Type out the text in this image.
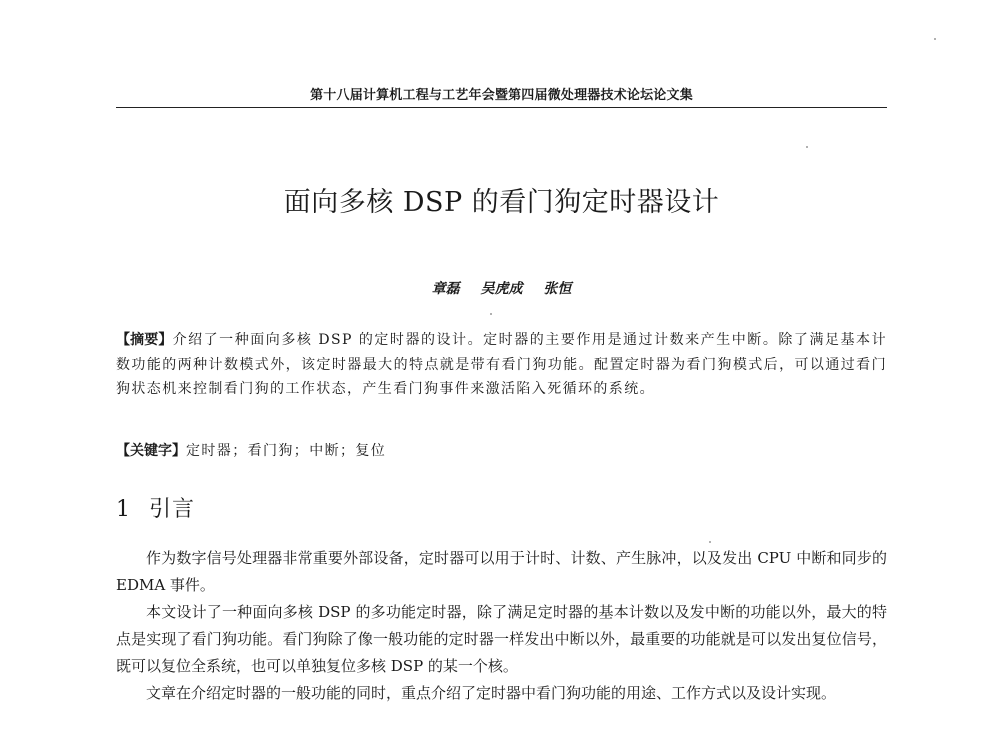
第十八届计算机工程与工艺年会暨第四届微处理器技术论坛论文集
面向多核 DSP 的看门狗定时器设计
章磊 吴虎成 张恒
【摘要】介绍了一种面向多核 DSP 的定时器的设计。定时器的主要作用是通过计数来产生中断。除了满足基本计数功能的两种计数模式外，该定时器最大的特点就是带有看门狗功能。配置定时器为看门狗模式后，可以通过看门狗状态机来控制看门狗的工作状态，产生看门狗事件来激活陷入死循环的系统。
【关键字】定时器；看门狗；中断；复位
1 引言

作为数字信号处理器非常重要外部设备，定时器可以用于计时、计数、产生脉冲，以及发出 CPU 中断和同步的 EDMA 事件。

本文设计了一种面向多核 DSP 的多功能定时器，除了满足定时器的基本计数以及发中断的功能以外，最大的特点是实现了看门狗功能。看门狗除了像一般功能的定时器一样发出中断以外，最重要的功能就是可以发出复位信号，既可以复位全系统，也可以单独复位多核 DSP 的某一个核。

文章在介绍定时器的一般功能的同时，重点介绍了定时器中看门狗功能的用途、工作方式以及设计实现。
